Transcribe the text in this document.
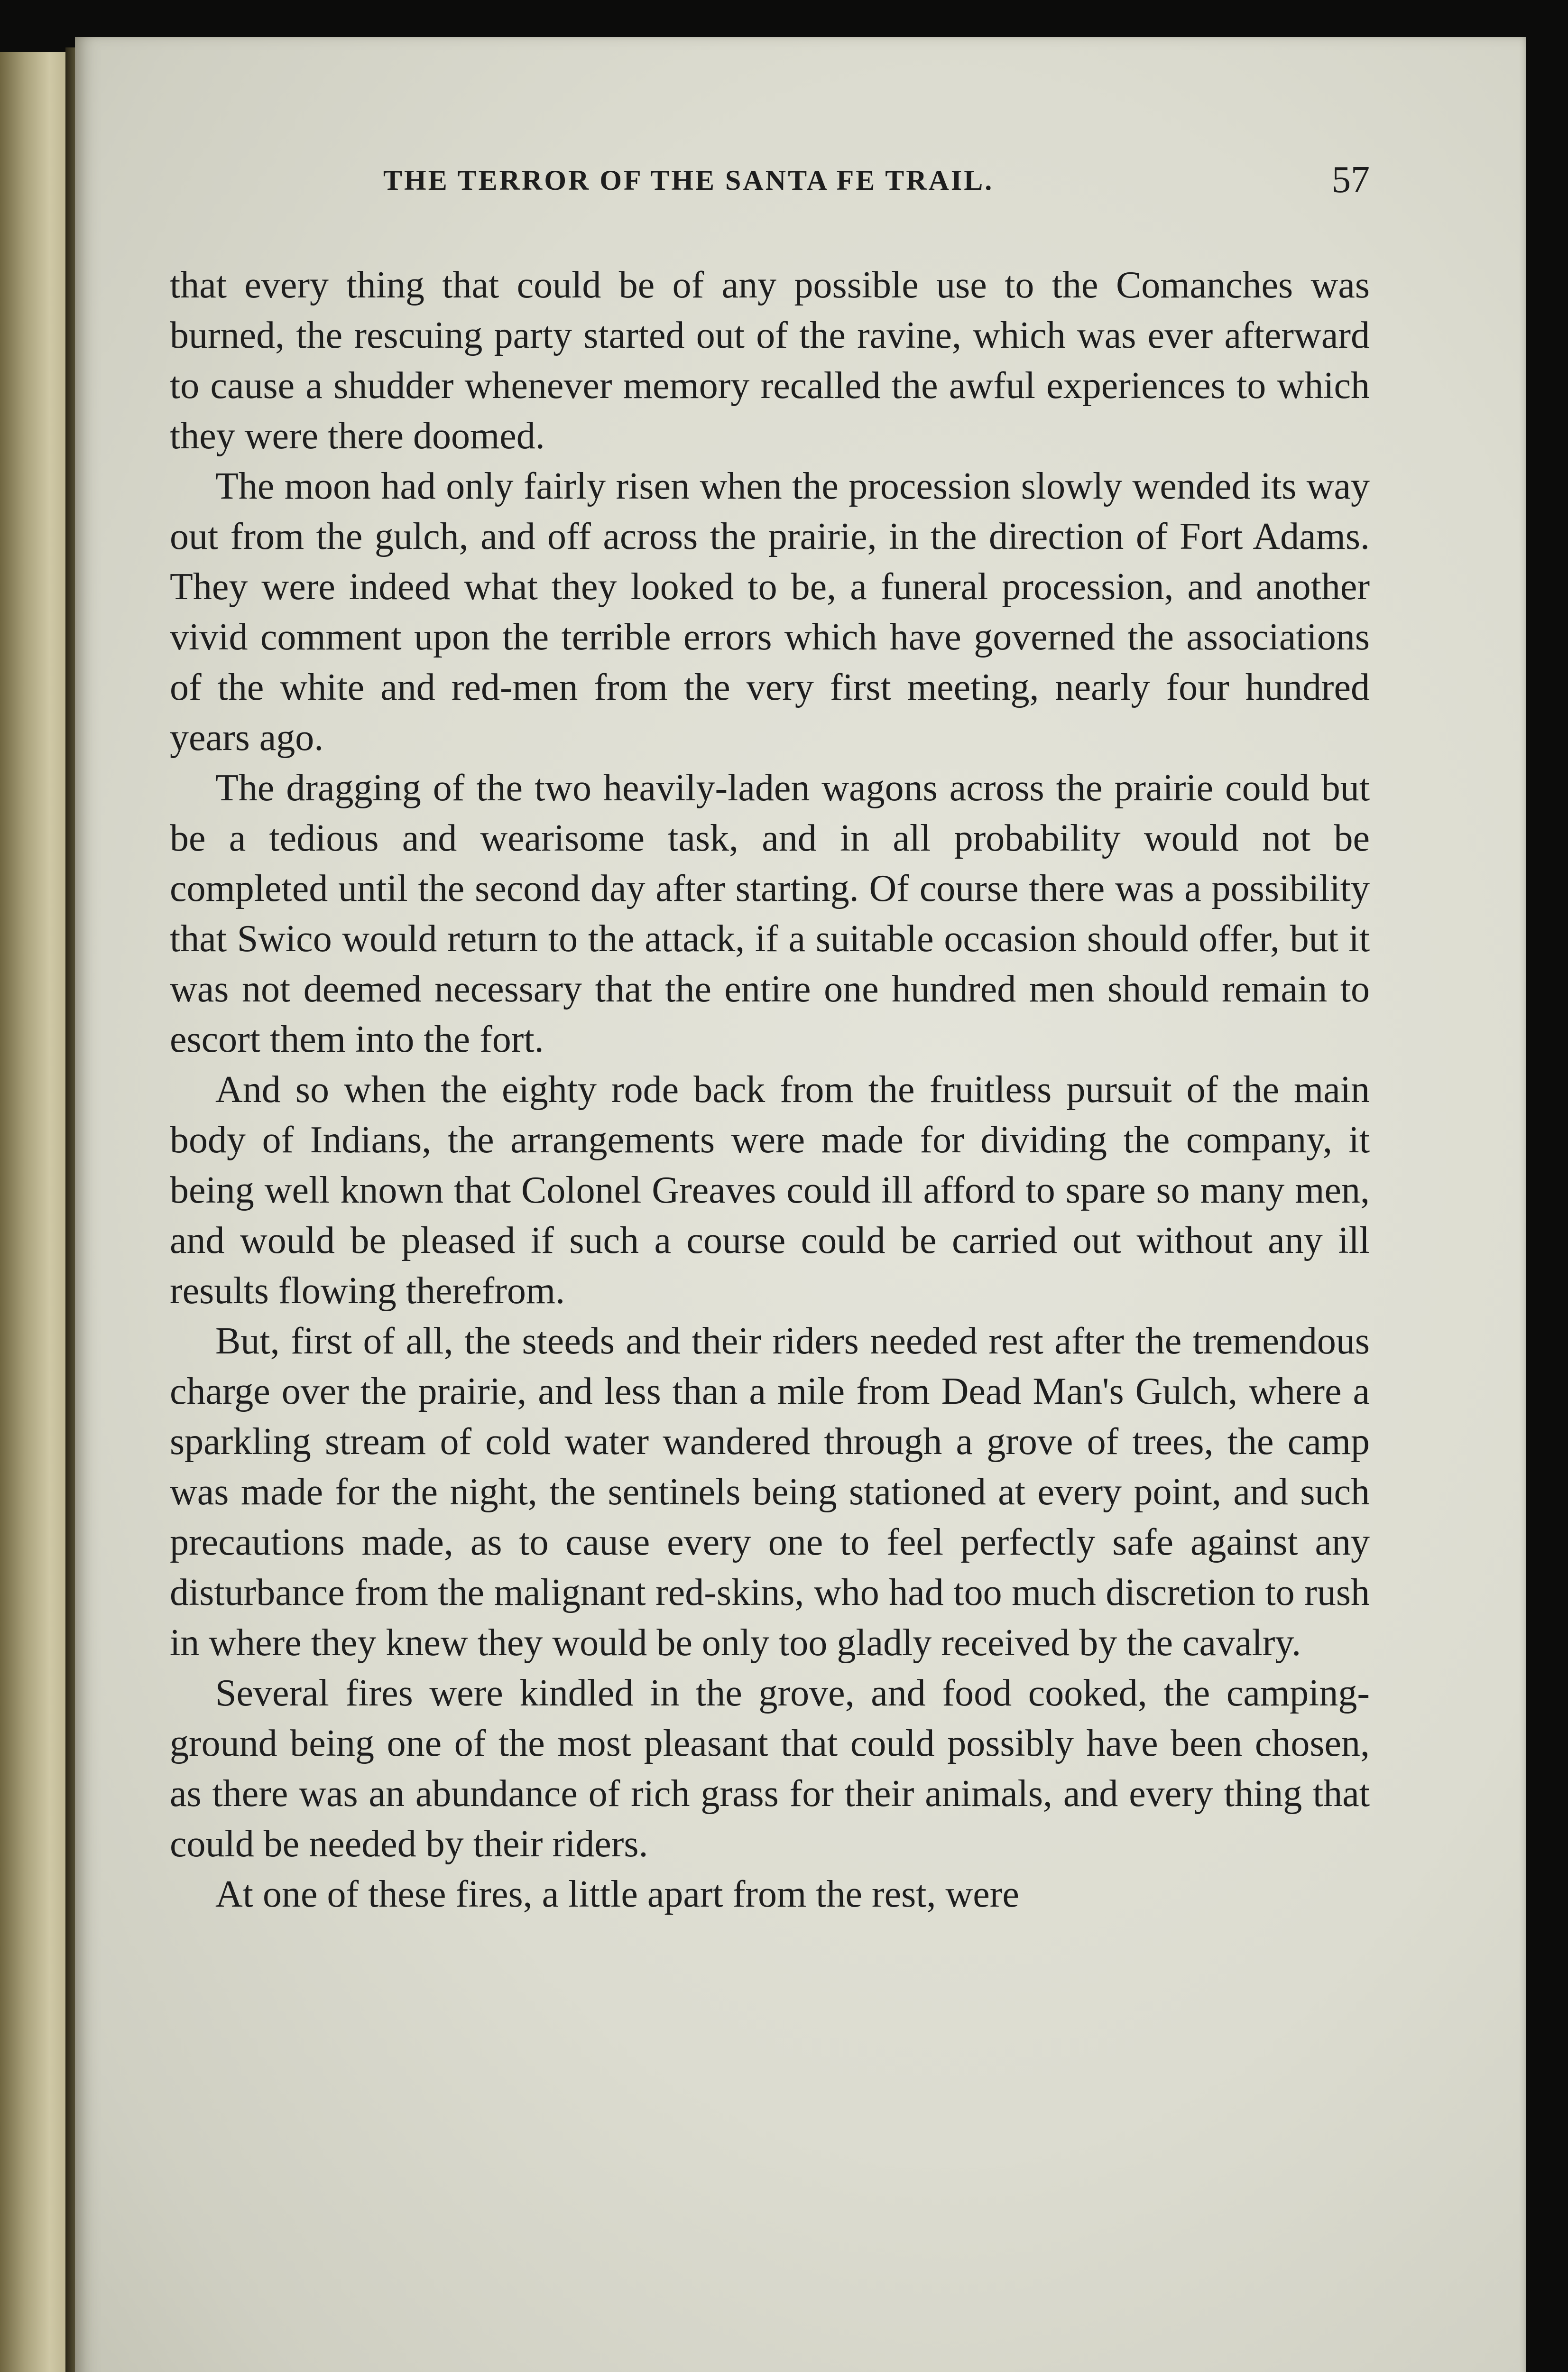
THE TERROR OF THE SANTA FE TRAIL.	57

that every thing that could be of any possible use to the Comanches was burned, the rescuing party started out of the ravine, which was ever afterward to cause a shudder whenever memory recalled the awful experiences to which they were there doomed.

The moon had only fairly risen when the procession slowly wended its way out from the gulch, and off across the prairie, in the direction of Fort Adams. They were indeed what they looked to be, a funeral procession, and another vivid comment upon the terrible errors which have governed the associations of the white and red-men from the very first meeting, nearly four hundred years ago.

The dragging of the two heavily-laden wagons across the prairie could but be a tedious and wearisome task, and in all probability would not be completed until the second day after starting. Of course there was a possibility that Swico would return to the attack, if a suitable occasion should offer, but it was not deemed necessary that the entire one hundred men should remain to escort them into the fort.

And so when the eighty rode back from the fruitless pursuit of the main body of Indians, the arrangements were made for dividing the company, it being well known that Colonel Greaves could ill afford to spare so many men, and would be pleased if such a course could be carried out without any ill results flowing therefrom.

But, first of all, the steeds and their riders needed rest after the tremendous charge over the prairie, and less than a mile from Dead Man's Gulch, where a sparkling stream of cold water wandered through a grove of trees, the camp was made for the night, the sentinels being stationed at every point, and such precautions made, as to cause every one to feel perfectly safe against any disturbance from the malignant red-skins, who had too much discretion to rush in where they knew they would be only too gladly received by the cavalry.

Several fires were kindled in the grove, and food cooked, the camping-ground being one of the most pleasant that could possibly have been chosen, as there was an abundance of rich grass for their animals, and every thing that could be needed by their riders.

At one of these fires, a little apart from the rest, were
